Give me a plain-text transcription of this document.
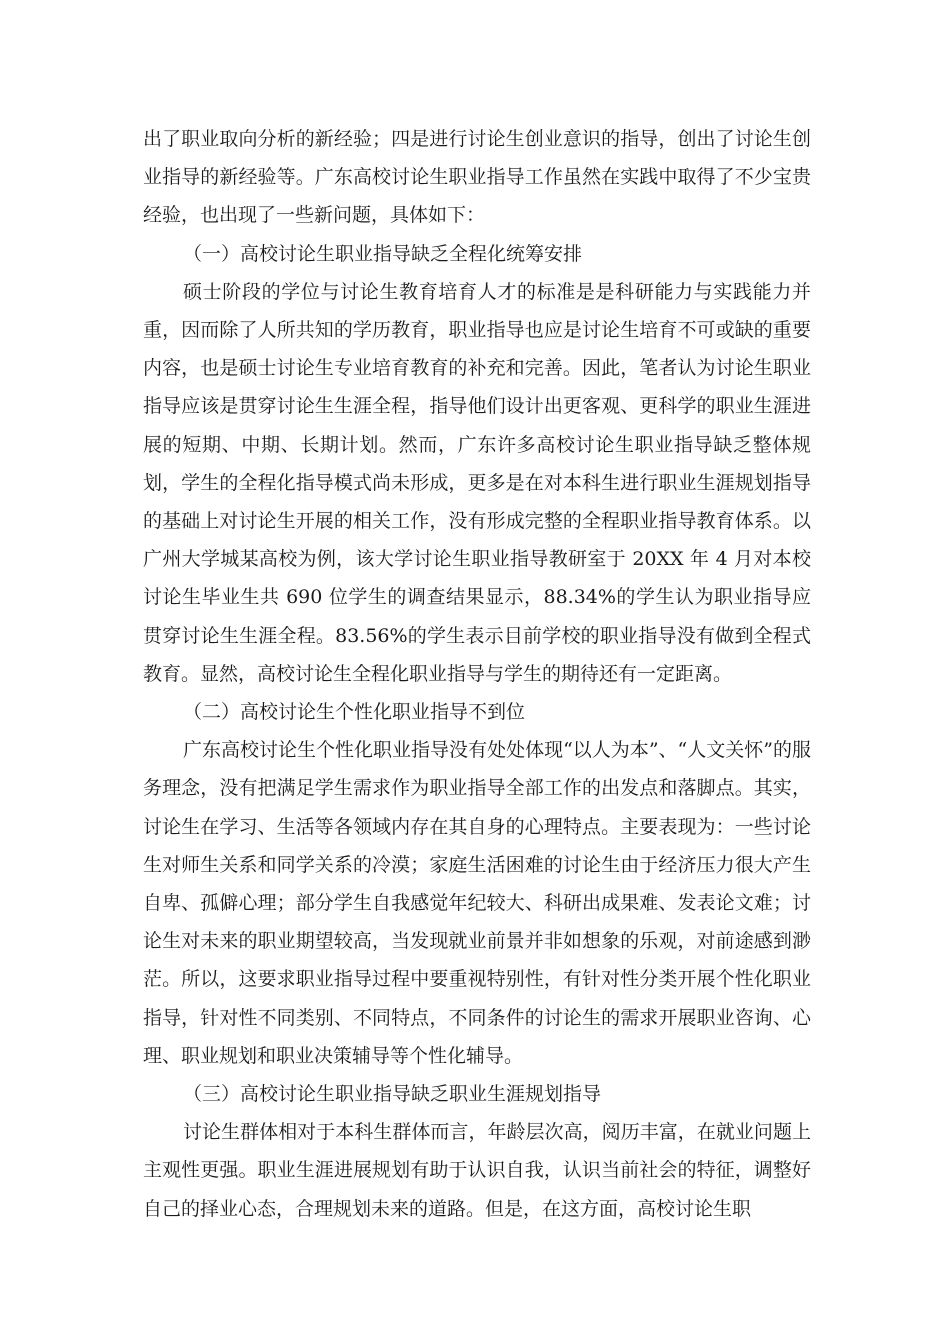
出了职业取向分析的新经验；四是进行讨论生创业意识的指导，创出了讨论生创业指导的新经验等。广东高校讨论生职业指导工作虽然在实践中取得了不少宝贵经验，也出现了一些新问题，具体如下：

（一）高校讨论生职业指导缺乏全程化统筹安排

硕士阶段的学位与讨论生教育培育人才的标准是是科研能力与实践能力并重，因而除了人所共知的学历教育，职业指导也应是讨论生培育不可或缺的重要内容，也是硕士讨论生专业培育教育的补充和完善。因此，笔者认为讨论生职业指导应该是贯穿讨论生生涯全程，指导他们设计出更客观、更科学的职业生涯进展的短期、中期、长期计划。然而，广东许多高校讨论生职业指导缺乏整体规划，学生的全程化指导模式尚未形成，更多是在对本科生进行职业生涯规划指导的基础上对讨论生开展的相关工作，没有形成完整的全程职业指导教育体系。以广州大学城某高校为例，该大学讨论生职业指导教研室于 20XX 年 4 月对本校讨论生毕业生共 690 位学生的调查结果显示，88.34%的学生认为职业指导应贯穿讨论生生涯全程。83.56%的学生表示目前学校的职业指导没有做到全程式教育。显然，高校讨论生全程化职业指导与学生的期待还有一定距离。

（二）高校讨论生个性化职业指导不到位

广东高校讨论生个性化职业指导没有处处体现“以人为本”、“人文关怀”的服务理念，没有把满足学生需求作为职业指导全部工作的出发点和落脚点。其实，讨论生在学习、生活等各领域内存在其自身的心理特点。主要表现为：一些讨论生对师生关系和同学关系的冷漠；家庭生活困难的讨论生由于经济压力很大产生自卑、孤僻心理；部分学生自我感觉年纪较大、科研出成果难、发表论文难；讨论生对未来的职业期望较高，当发现就业前景并非如想象的乐观，对前途感到渺茫。所以，这要求职业指导过程中要重视特别性，有针对性分类开展个性化职业指导，针对性不同类别、不同特点，不同条件的讨论生的需求开展职业咨询、心理、职业规划和职业决策辅导等个性化辅导。

（三）高校讨论生职业指导缺乏职业生涯规划指导

讨论生群体相对于本科生群体而言，年龄层次高，阅历丰富，在就业问题上主观性更强。职业生涯进展规划有助于认识自我，认识当前社会的特征，调整好自己的择业心态，合理规划未来的道路。但是，在这方面，高校讨论生职
